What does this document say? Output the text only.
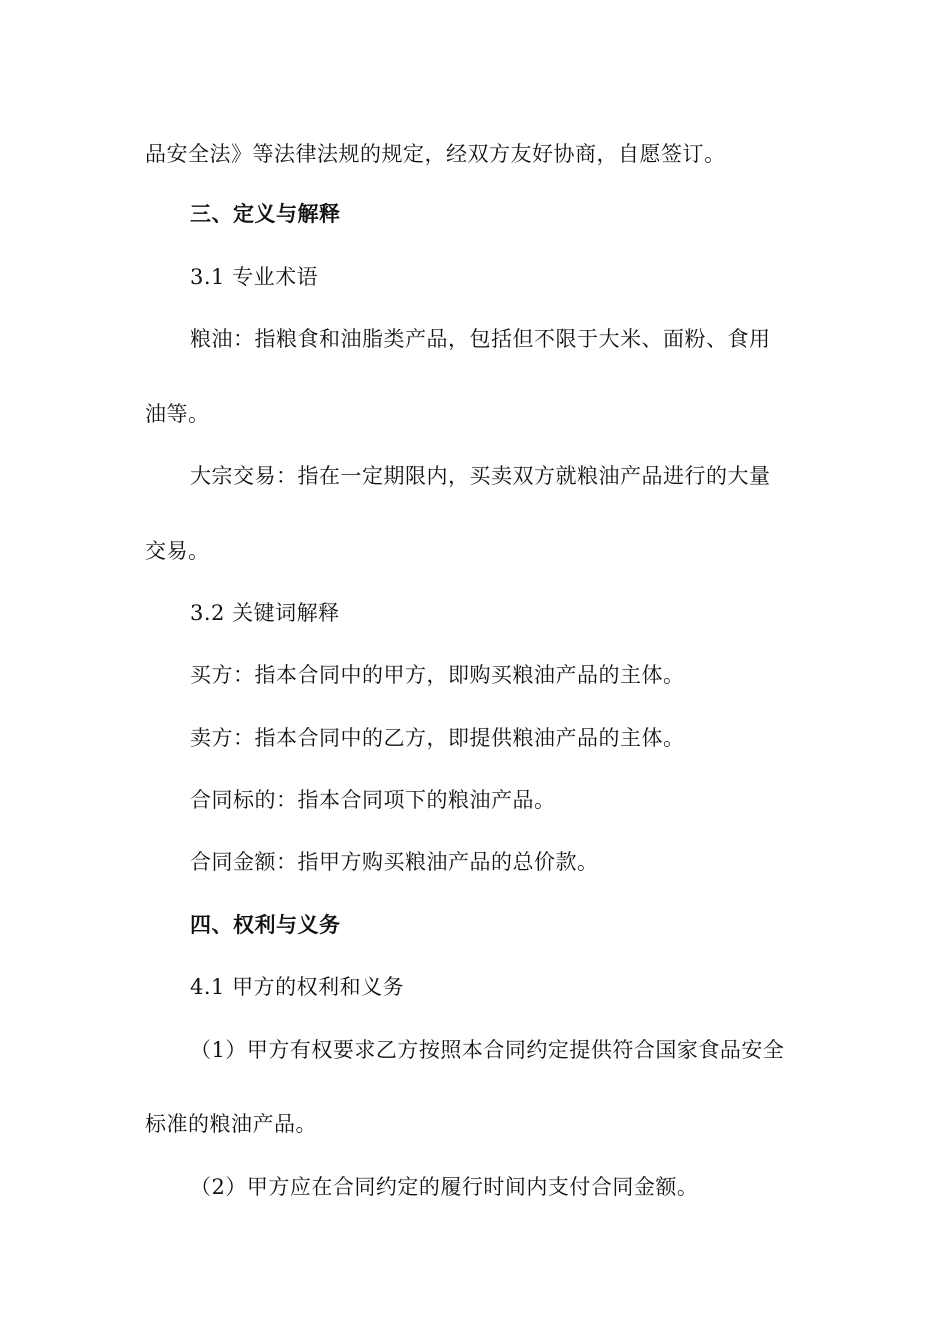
品安全法》等法律法规的规定，经双方友好协商，自愿签订。
三、定义与解释
3.1 专业术语
粮油：指粮食和油脂类产品，包括但不限于大米、面粉、食用
油等。
大宗交易：指在一定期限内，买卖双方就粮油产品进行的大量
交易。
3.2 关键词解释
买方：指本合同中的甲方，即购买粮油产品的主体。
卖方：指本合同中的乙方，即提供粮油产品的主体。
合同标的：指本合同项下的粮油产品。
合同金额：指甲方购买粮油产品的总价款。
四、权利与义务
4.1 甲方的权利和义务
（1）甲方有权要求乙方按照本合同约定提供符合国家食品安全
标准的粮油产品。
（2）甲方应在合同约定的履行时间内支付合同金额。
